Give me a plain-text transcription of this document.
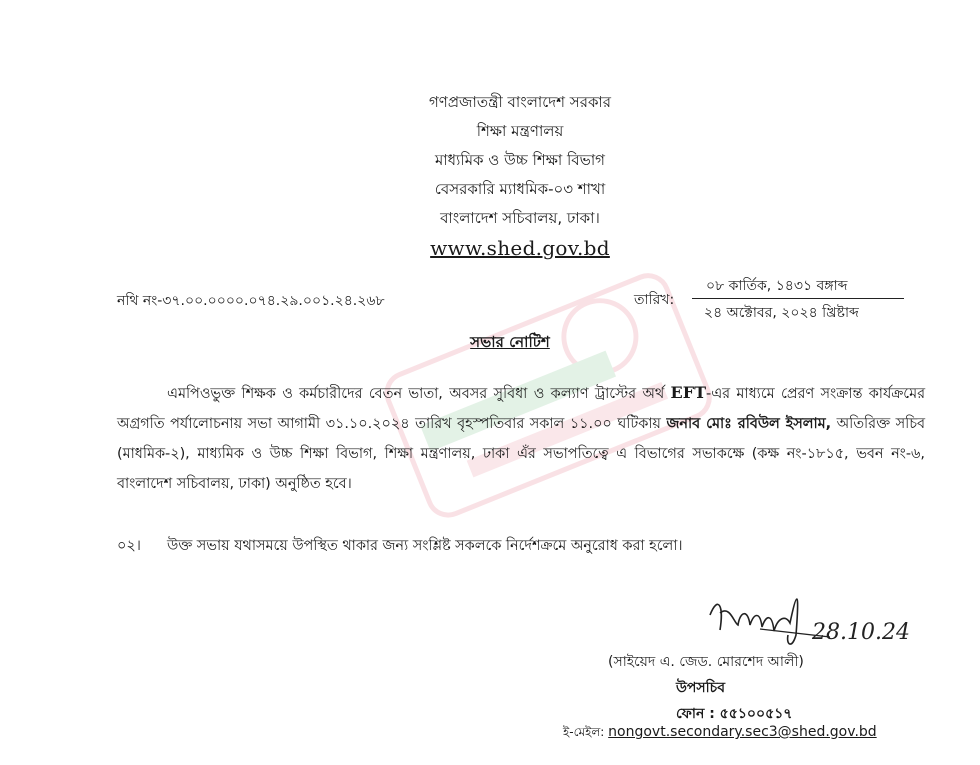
গণপ্রজাতন্ত্রী বাংলাদেশ সরকার
শিক্ষা মন্ত্রণালয়
মাধ্যমিক ও উচ্চ শিক্ষা বিভাগ
বেসরকারি ম্যাধমিক-০৩ শাখা
বাংলাদেশ সচিবালয়, ঢাকা।
www.shed.gov.bd
নথি নং-৩৭.০০.০০০০.০৭৪.২৯.০০১.২৪.২৬৮	তারিখ:
০৮ কার্তিক, ১৪৩১ বঙ্গাব্দ
২৪ অক্টোবর, ২০২৪ খ্রিষ্টাব্দ
সভার নোটিশ
এমপিওভুক্ত শিক্ষক ও কর্মচারীদের বেতন ভাতা, অবসর সুবিধা ও কল্যাণ ট্রাস্টের অর্থ EFT-এর মাধ্যমে প্রেরণ সংক্রান্ত কার্যক্রমের অগ্রগতি পর্যালোচনায় সভা আগামী ৩১.১০.২০২৪ তারিখ বৃহস্পতিবার সকাল ১১.০০ ঘটিকায় জনাব মোঃ রবিউল ইসলাম, অতিরিক্ত সচিব (মাধমিক-২), মাধ্যমিক ও উচ্চ শিক্ষা বিভাগ, শিক্ষা মন্ত্রণালয়, ঢাকা এঁর সভাপতিত্বে এ বিভাগের সভাকক্ষে (কক্ষ নং-১৮১৫, ভবন নং-৬, বাংলাদেশ সচিবালয়, ঢাকা) অনুষ্ঠিত হবে।
০২। উক্ত সভায় যথাসময়ে উপস্থিত থাকার জন্য সংশ্লিষ্ট সকলকে নির্দেশক্রমে অনুরোধ করা হলো।
28.10.24
(সাইয়েদ এ. জেড. মোরশেদ আলী)
উপসচিব
ফোন : ৫৫১০০৫১৭
ই-মেইল: nongovt.secondary.sec3@shed.gov.bd
